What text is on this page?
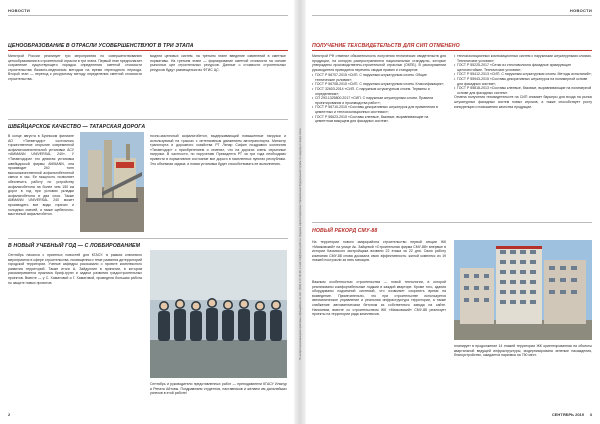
НОВОСТИ
ЦЕНООБРАЗОВАНИЕ В ОТРАСЛИ УСОВЕРШЕНСТВУЮТ В ТРИ ЭТАПА

Минстрой России реализует три мероприятия по совершенствованию ценообразования в строительной отрасли в три этапа. Первый этап предполагает сохранение существующего порядка определения сметной стоимости строительства базисно-индексным методом на время переходного периода. Второй этап — переход к ресурсному методу определения сметной стоимости строительства.

модели ценовых систем, на третьем этапе введение изменений в сметные нормативы. На третьем этапе — формирование сметной стоимости на основе рыночных цен строительных ресурсов. Данные о стоимости строительных ресурсов будут размещаться во ФГИС ЦС.

ШВЕЙЦАРСКОЕ КАЧЕСТВО — ТАТАРСКАЯ ДОРОГА

В конце августа в Буинском филиале АО «Татавтодор» состоялось торжественное открытие современной асфальтосмесительной установки АСУ «AMMANN UNIVERSAL 240». У «Татавтодора» это девятая установка швейцарской фирмы AMMANN, она производит 240 тонн высококачественной асфальтобетонной смеси в час. Ее мощность позволяет обеспечить работу по устройству асфальтобетона на более чем 150 км дорог в год при условии укладки асфальтобетона в два слоя. Также AMMANN UNIVERSAL 240 может производить все виды горячих и холодных смесей, а также щебеночно-мастичный асфальтобетон.

ночно-мастичный асфальтобетон, выдерживающий повышенные нагрузки и используемый на трассах с интенсивным движением автотранспорта. Министр транспорта и дорожного хозяйства РТ Ленар Сафин поздравил коллектив «Татавтодор» с приобретением и отметил, что на дорогах очень серьезные нагрузки. В частности, по поручению Президента РТ за три года необходимо привести в нормативное состояние все дороги в населенных пунктах республики. Это объемная задача, и новая установка будет способствовать ее выполнению.

В НОВЫЙ УЧЕБНЫЙ ГОД — С ЛОББИРОВАНИЕМ

Сентябрь начался с приятных новостей для КГАСУ: в рамках ключевого мероприятия в сфере строительства, посвященного теме развития дитерриторий городской территории. Ученые кафедры рассказали о проекте комплексного развития территорий. Также итоги А. Зайдуллин в принятии, в котором рассматривается практика бриф-групп и задачи развития градостроительных проектов. Вместе — у С. Хаматовой и Г. Хаматовой, проведена большая работа по защите новых проектов.

Сентябрь и руководители представленных работ — преподаватели КГАСУ Ильнур и Рената Айтовы. Поздравляем студентов, наставников и желаем им дальнейших успехов в этой работе!

2
По вопросам размещения рекламы обращайтесь по тел.: (843) 2-37-99-28, e-mail: rek@tatstroyinfo.ru. Издание зарегистрировано Управлением Федеральной службы по надзору в сфере связи
НОВОСТИ
ПОЛУЧЕНИЕ ТЕХСВИДЕТЕЛЬСТВ ДЛЯ СИП ОТМЕНЕНО

Минстрой РФ отменил обязательность получения технических свидетельств для продукции, на которую распространяются национальные стандарты, которые утверждены производственно-строительной отраслью (ОКПБ). В распоряжении руководителя приводится перечень сводов правил и стандартов:

• ГОСТ Р 56707-2015 «СИП. С наружным штукатурным слоем. Общие технические условия»;
• ГОСТ Р 56708-2015 «СИП. С наружным штукатурным слоем. Классификация»;
• ГОСТ 32603-2014 «СИП. С наружным штукатурным слоем. Термины и определения»;
• СП 293.1325800.2017 «СИП. С наружным штукатурным слоем. Правила проектирования и производства работ»;
• ГОСТ Р 56710-2015 «Составы декоративных штукатурок для применения в цементных и теплоизоляционных системах»;
• ГОСТ Р 56623-2015 «Составы клеевые, базовые, выравнивающие на цементном вяжущем для фасадных систем».
• теплоизоляционных композиционных систем с наружными штукатурными слоями. Технические условия»;
• ГОСТ Р 55225-2017 «Сетки из стекловолокна фасадные армирующие щелочестойкие. Технические условия»;
• ГОСТ Р 55412-2013 «СИП. С наружным штукатурным слоем. Методы испытаний»;
• ГОСТ Р 55943-2015 «Составы декоративных штукатурок на полимерной основе для фасадных систем»;
• ГОСТ Р 55818-2013 «Составы клеевые, базовые, выравнивающие на полимерной основе для фасадных систем».

Отмена получения техсвидетельств на СИП снимает барьеры для входа на рынок штукатурных фасадных систем новых игроков, а также способствует росту конкуренции и повышению качества продукции.

НОВЫЙ РЕКОРД СМУ-88

На территории нового микрорайона строительство первой секции ЖК «Маяковский» на улице Ак. Зайцевой «Строительная фирма СМУ-88» впервые в истории Казанского застройщика возвели 22 этажа за 22 дня. Свою работу компания СМУ-88 снова доказала свою эффективность: жилой комплекс из 19 этажей построили за пять месяцев.

Важным особенностью строительства — новой технологии, в которой реализованы комфортабельные лоджии в каждой квартире. Кроме того, здания оборудованы подъемной системой, что позволяет сократить время на возведение. Примечательно, что при строительстве используется автоматическое управление и реальная инфраструктура территории, а также снабжение автоматическим бетоном из собственного завода на сайте. Напомним, вместе со строительством ЖК «Маяковский» СМУ-88 реализует проекты на территории ряда комплексов.

планирует в продолжение 14 этажей территории ЖК ориентированная на объекты квартальной ведущей инфраструктуры, модернизирована зеленые насаждения, благоустройство, ожидается парковка на 750 мест.

СЕНТЯБРЬ 2019 3
